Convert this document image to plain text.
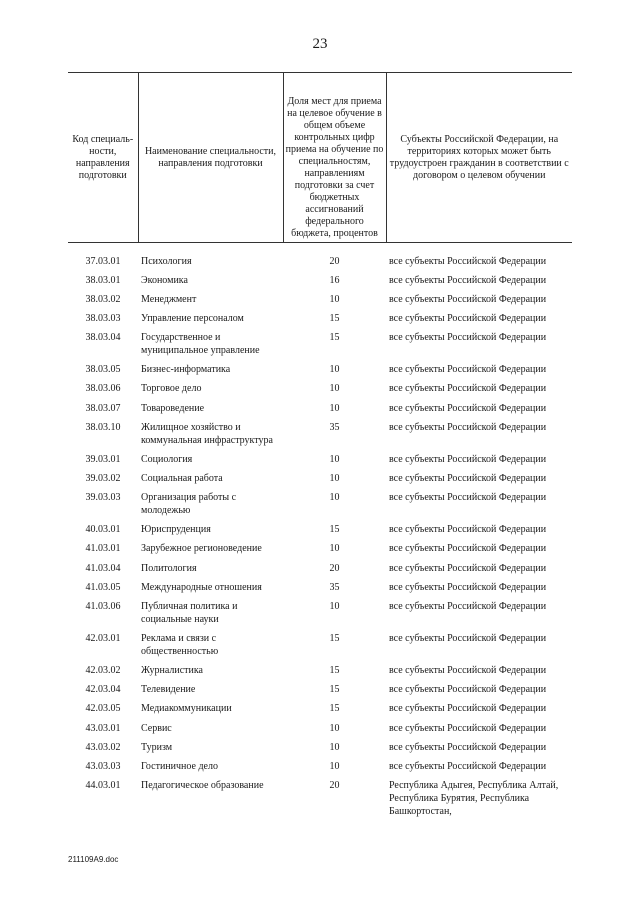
23
Код специаль-ности, направления подготовки	Наименование специальности, направления подготовки	Доля мест для приема на целевое обучение в общем объеме контрольных цифр приема на обучение по специальностям, направлениям подготовки за счет бюджетных ассигнований федерального бюджета, процентов	Субъекты Российской Федерации, на территориях которых может быть трудоустроен гражданин в соответствии с договором о целевом обучении

37.03.01	Психология	20	все субъекты Российской Федерации
38.03.01	Экономика	16	все субъекты Российской Федерации
38.03.02	Менеджмент	10	все субъекты Российской Федерации
38.03.03	Управление персоналом	15	все субъекты Российской Федерации
38.03.04	Государственное и муниципальное управление	15	все субъекты Российской Федерации
38.03.05	Бизнес-информатика	10	все субъекты Российской Федерации
38.03.06	Торговое дело	10	все субъекты Российской Федерации
38.03.07	Товароведение	10	все субъекты Российской Федерации
38.03.10	Жилищное хозяйство и коммунальная инфраструктура	35	все субъекты Российской Федерации
39.03.01	Социология	10	все субъекты Российской Федерации
39.03.02	Социальная работа	10	все субъекты Российской Федерации
39.03.03	Организация работы с молодежью	10	все субъекты Российской Федерации
40.03.01	Юриспруденция	15	все субъекты Российской Федерации
41.03.01	Зарубежное регионоведение	10	все субъекты Российской Федерации
41.03.04	Политология	20	все субъекты Российской Федерации
41.03.05	Международные отношения	35	все субъекты Российской Федерации
41.03.06	Публичная политика и социальные науки	10	все субъекты Российской Федерации
42.03.01	Реклама и связи с общественностью	15	все субъекты Российской Федерации
42.03.02	Журналистика	15	все субъекты Российской Федерации
42.03.04	Телевидение	15	все субъекты Российской Федерации
42.03.05	Медиакоммуникации	15	все субъекты Российской Федерации
43.03.01	Сервис	10	все субъекты Российской Федерации
43.03.02	Туризм	10	все субъекты Российской Федерации
43.03.03	Гостиничное дело	10	все субъекты Российской Федерации
44.03.01	Педагогическое образование	20	Республика Адыгея, Республика Алтай, Республика Бурятия, Республика Башкортостан,
211109А9.doc
